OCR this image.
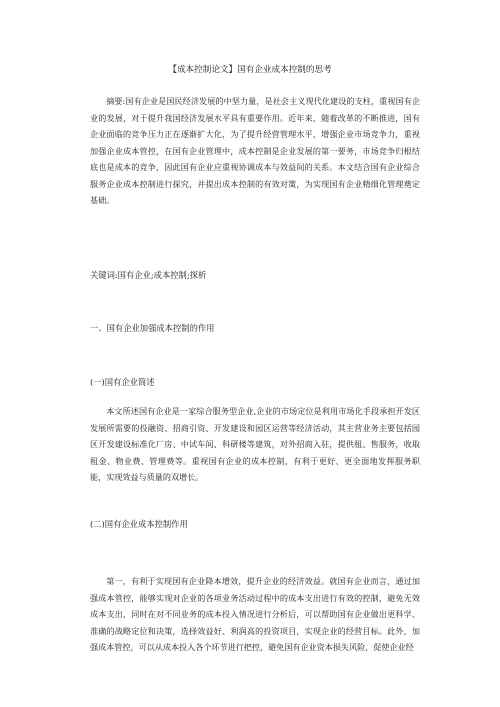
【成本控制论文】国有企业成本控制的思考
摘要:国有企业是国民经济发展的中坚力量，是社会主义现代化建设的支柱，重视国有企业的发展，对于提升我国经济发展水平具有重要作用。近年来，随着改革的不断推进，国有企业面临的竞争压力正在逐渐扩大化，为了提升经营管理水平，增强企业市场竞争力，重视加强企业成本管控，在国有企业管理中，成本控制是企业发展的第一要务，市场竞争归根结底也是成本的竞争，因此国有企业应重视协调成本与效益间的关系。本文结合国有企业综合服务企业成本控制进行探究，并提出成本控制的有效对策，为实现国有企业精细化管理奠定基础。
关键词:国有企业;成本控制;探析
一、国有企业加强成本控制的作用
(一)国有企业简述
本文所述国有企业是一家综合服务型企业,企业的市场定位是利用市场化手段承担开发区发展所需要的投融资、招商引资、开发建设和园区运营等经济活动，其主营业务主要包括园区开发建设标准化厂房、中试车间、科研楼等建筑，对外招商入驻，提供租、售服务，收取租金、物业费、管理费等。重视国有企业的成本控制，有利于更好、更全面地发挥服务职能，实现效益与质量的双增长。
(二)国有企业成本控制作用
第一，有利于实现国有企业降本增效，提升企业的经济效益。就国有企业而言，通过加强成本管控，能够实现对企业的各项业务活动过程中的成本支出进行有效的控制，避免无效成本支出，同时在对不同业务的成本投入情况进行分析后，可以帮助国有企业做出更科学、准确的战略定位和决策，选择效益好、利润高的投资项目，实现企业的经营目标。此外，加强成本管控，可以从成本投入各个环节进行把控，避免国有企业资本损失风险，促使企业经
